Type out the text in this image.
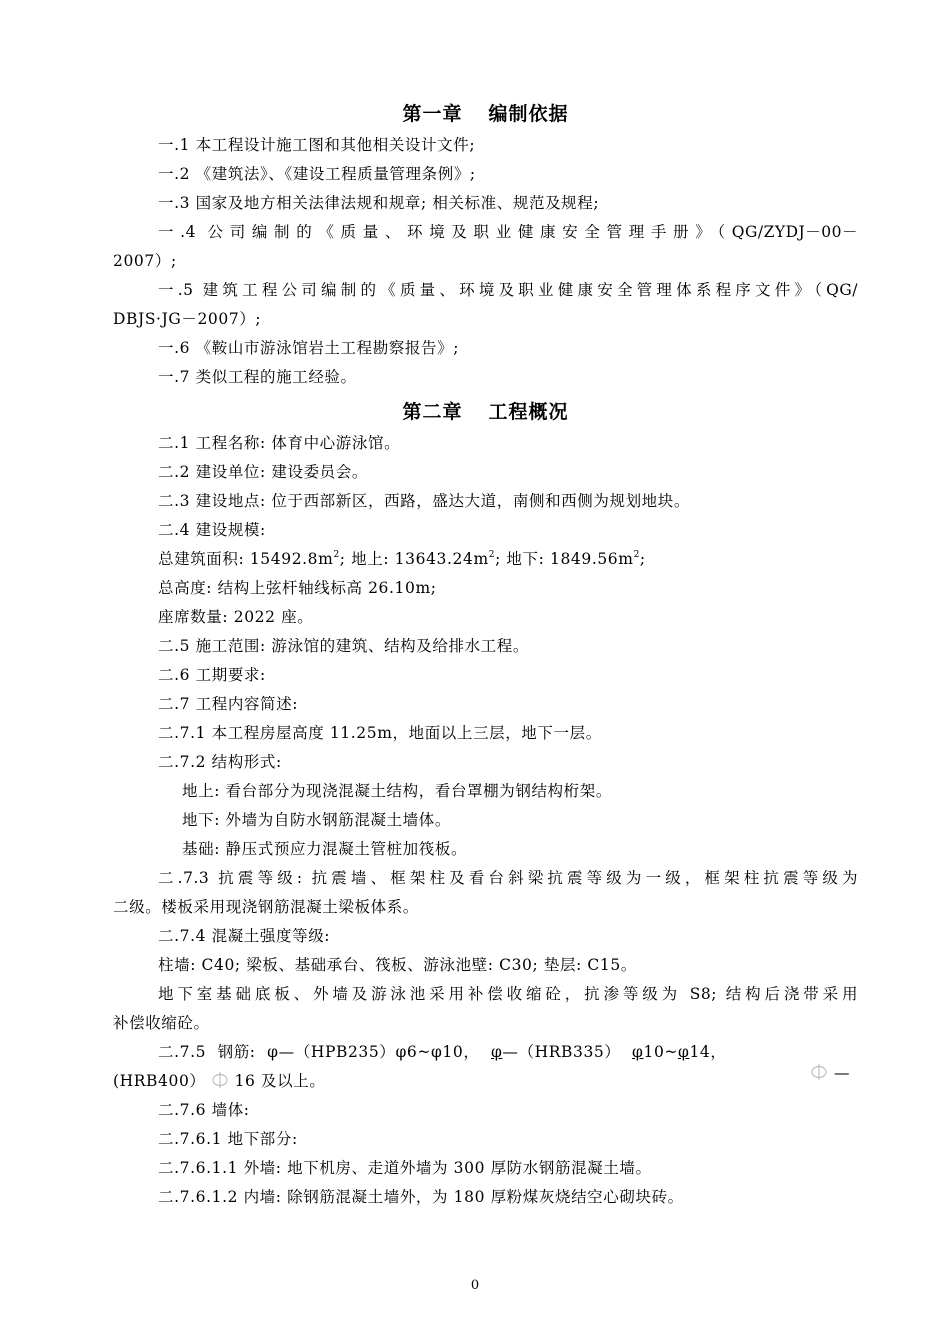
第一章 编制依据
一.1 本工程设计施工图和其他相关设计文件;
一.2 《建筑法》、《建设工程质量管理条例》;
一.3 国家及地方相关法律法规和规章; 相关标准、规范及规程;
一.4 公司编制的《质量、环境及职业健康安全管理手册》（QG/ZYDJ－00－
2007）;
一.5 建筑工程公司编制的《质量、环境及职业健康安全管理体系程序文件》（QG/
DBJS·JG－2007）;
一.6 《鞍山市游泳馆岩土工程勘察报告》;
一.7 类似工程的施工经验。
第二章 工程概况
二.1 工程名称: 体育中心游泳馆。
二.2 建设单位: 建设委员会。
二.3 建设地点: 位于西部新区，西路，盛达大道，南侧和西侧为规划地块。
二.4 建设规模:
总建筑面积: $15492.8m^2$; 地上: $13643.24m^2$; 地下: $1849.56m^2$;
总高度: 结构上弦杆轴线标高 26.10m;
座席数量: 2022 座。
二.5 施工范围: 游泳馆的建筑、结构及给排水工程。
二.6 工期要求:
二.7 工程内容简述:
二.7.1 本工程房屋高度 11.25m，地面以上三层，地下一层。
二.7.2 结构形式:
地上: 看台部分为现浇混凝土结构，看台罩棚为钢结构桁架。
地下: 外墙为自防水钢筋混凝土墙体。
基础: 静压式预应力混凝土管桩加筏板。
二.7.3 抗震等级: 抗震墙、框架柱及看台斜梁抗震等级为一级，框架柱抗震等级为
二级。楼板采用现浇钢筋混凝土梁板体系。
二.7.4 混凝土强度等级:
柱墙: C40; 梁板、基础承台、筏板、游泳池壁: C30; 垫层: C15。
地下室基础底板、外墙及游泳池采用补偿收缩砼，抗渗等级为 S8; 结构后浇带采用
补偿收缩砼。
二.7.5 钢筋: φ—（HPB235）φ6~φ10， φ—（HRB335） φ10~φ14，
(HRB400） 16 及以上。
二.7.6 墙体:
二.7.6.1 地下部分:
二.7.6.1.1 外墙: 地下机房、走道外墙为 300 厚防水钢筋混凝土墙。
二.7.6.1.2 内墙: 除钢筋混凝土墙外，为 180 厚粉煤灰烧结空心砌块砖。
—
0
